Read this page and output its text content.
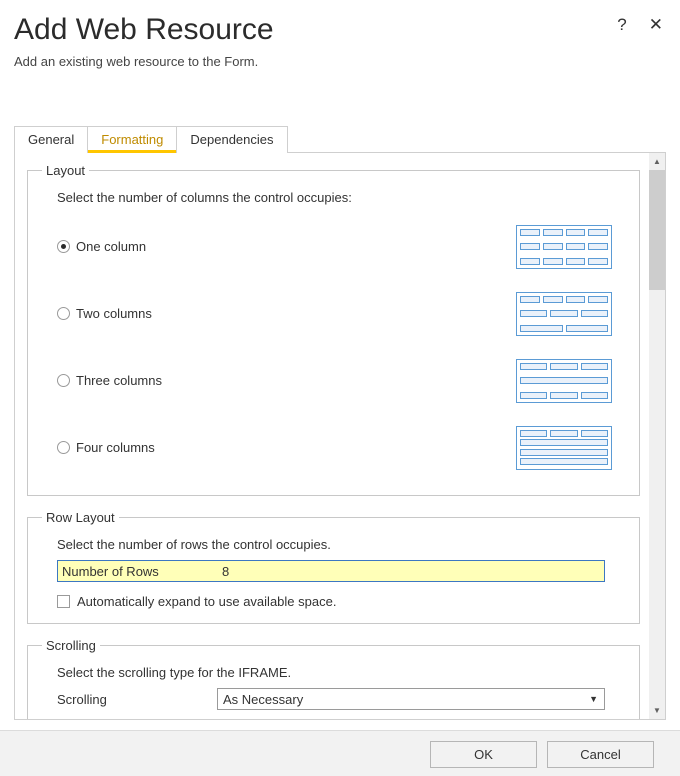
Add Web Resource
Add an existing web resource to the Form.
? ✕
General	Formatting	Dependencies
Layout
Select the number of columns the control occupies:
One column
Two columns
Three columns
Four columns
Row Layout
Select the number of rows the control occupies.
Number of Rows
8
Automatically expand to use available space.
Scrolling
Select the scrolling type for the IFRAME.
Scrolling	As Necessary	▼
▲
▼
OK	Cancel
